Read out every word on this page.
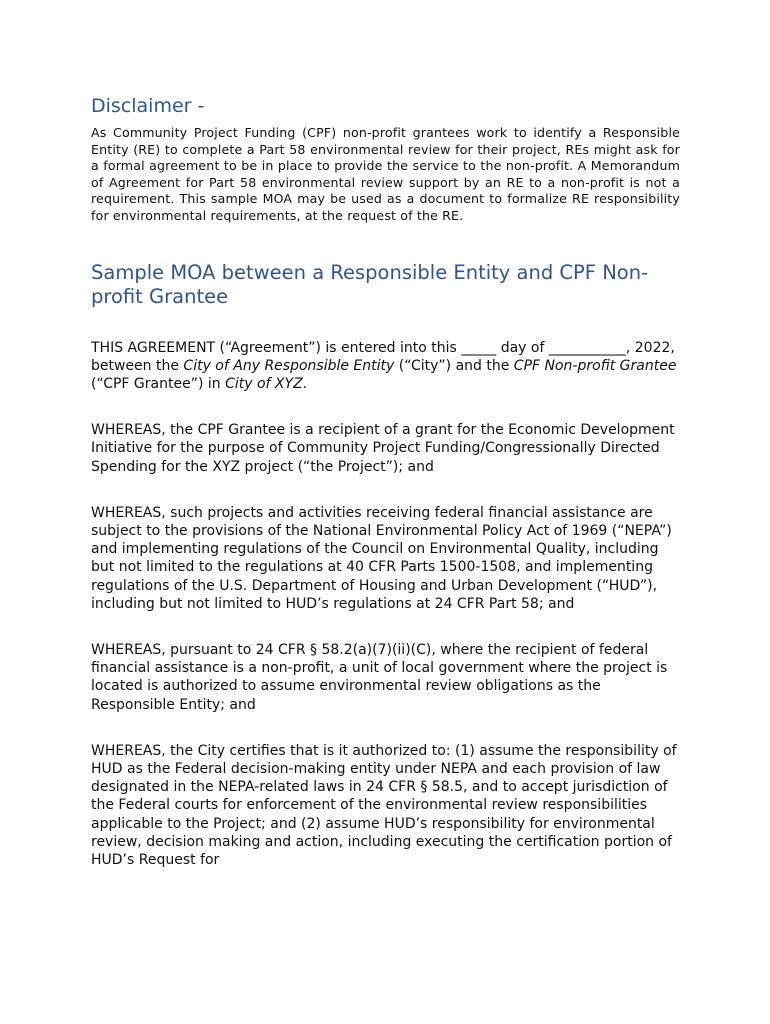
Disclaimer -

As Community Project Funding (CPF) non-profit grantees work to identify a Responsible Entity (RE) to complete a Part 58 environmental review for their project, REs might ask for a formal agreement to be in place to provide the service to the non-profit. A Memorandum of Agreement for Part 58 environmental review support by an RE to a non-profit is not a requirement. This sample MOA may be used as a document to formalize RE responsibility for environmental requirements, at the request of the RE.

Sample MOA between a Responsible Entity and CPF Non-profit Grantee

THIS AGREEMENT (“Agreement”) is entered into this _____ day of ___________, 2022, between the City of Any Responsible Entity (“City”) and the CPF Non-profit Grantee (“CPF Grantee”) in City of XYZ.

WHEREAS, the CPF Grantee is a recipient of a grant for the Economic Development Initiative for the purpose of Community Project Funding/Congressionally Directed Spending for the XYZ project (“the Project”); and

WHEREAS, such projects and activities receiving federal financial assistance are subject to the provisions of the National Environmental Policy Act of 1969 (“NEPA”) and implementing regulations of the Council on Environmental Quality, including but not limited to the regulations at 40 CFR Parts 1500-1508, and implementing regulations of the U.S. Department of Housing and Urban Development (“HUD”), including but not limited to HUD’s regulations at 24 CFR Part 58; and

WHEREAS, pursuant to 24 CFR § 58.2(a)(7)(ii)(C), where the recipient of federal financial assistance is a non-profit, a unit of local government where the project is located is authorized to assume environmental review obligations as the Responsible Entity; and

WHEREAS, the City certifies that is it authorized to: (1) assume the responsibility of HUD as the Federal decision-making entity under NEPA and each provision of law designated in the NEPA-related laws in 24 CFR § 58.5, and to accept jurisdiction of the Federal courts for enforcement of the environmental review responsibilities applicable to the Project; and (2) assume HUD’s responsibility for environmental review, decision making and action, including executing the certification portion of HUD’s Request for
